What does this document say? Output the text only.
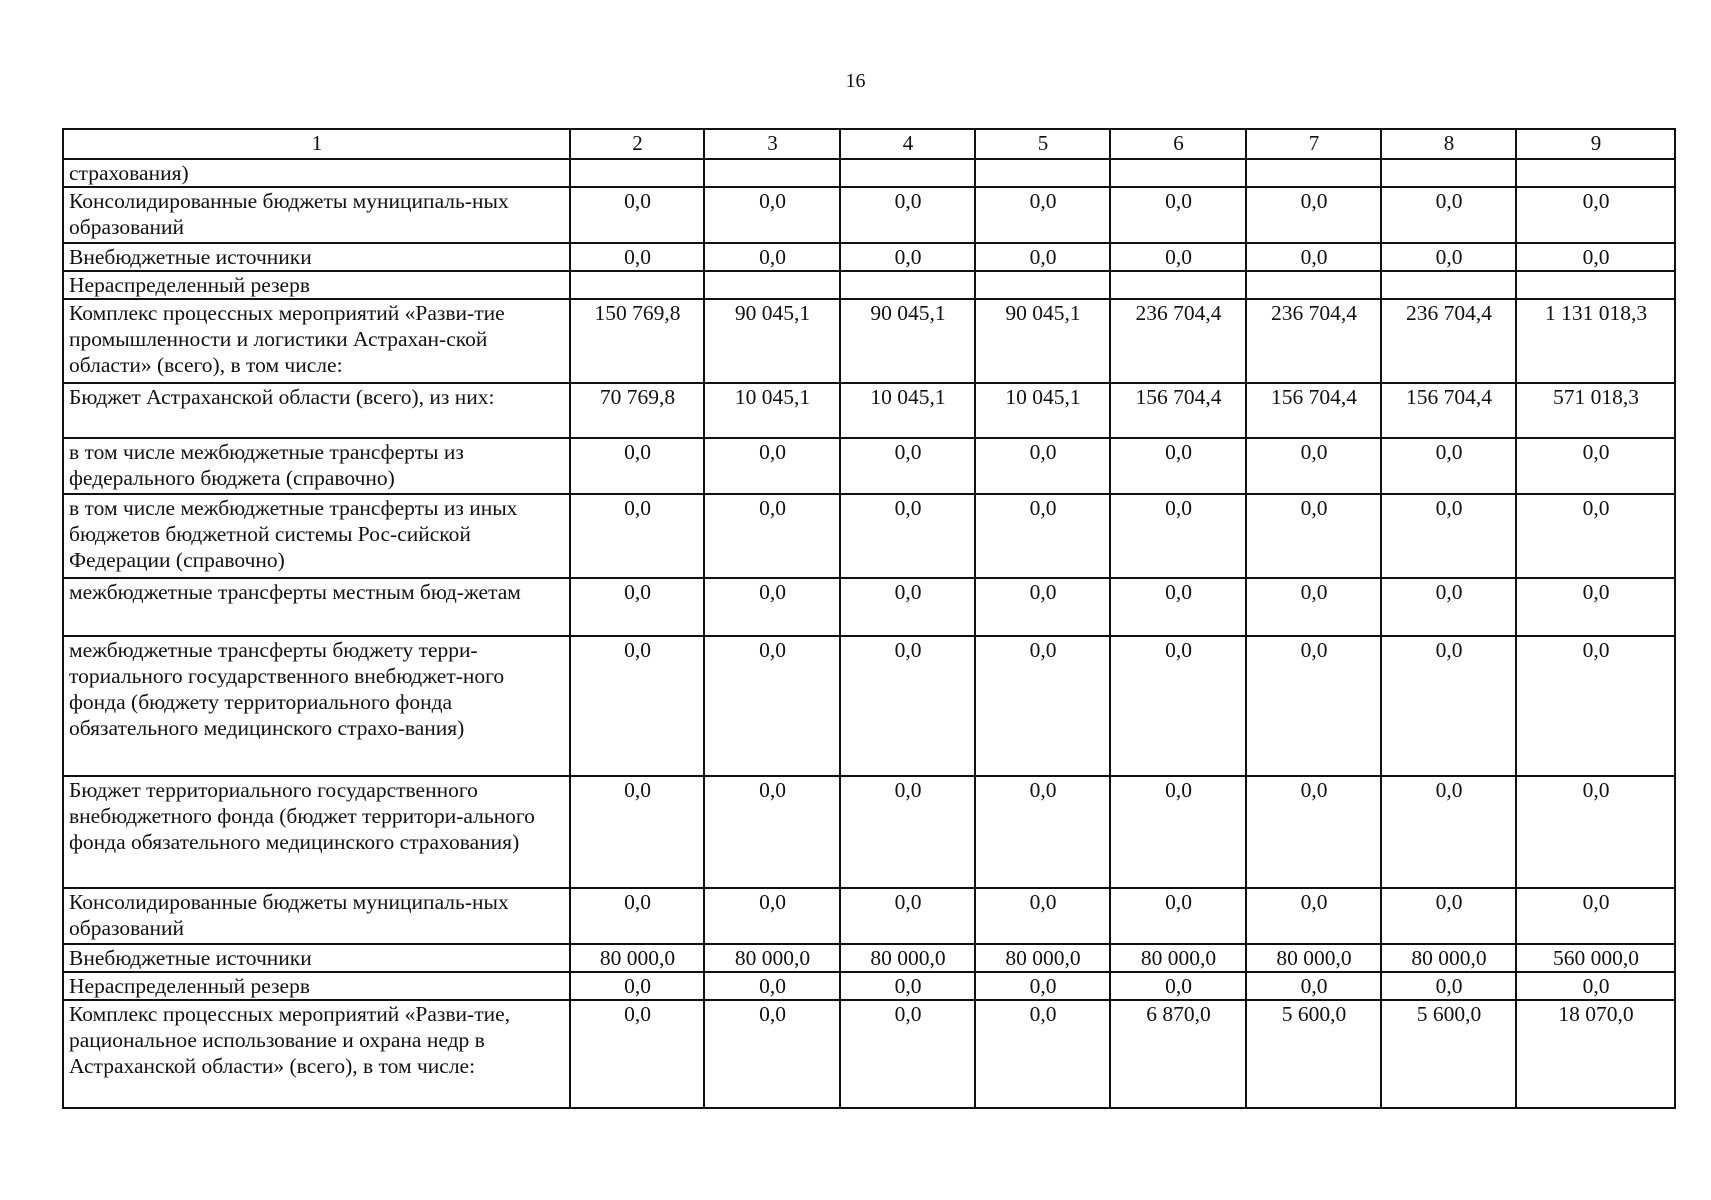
16
1	2	3	4	5	6	7	8	9
страхования)								
Консолидированные бюджеты муниципаль-ных образований	0,0	0,0	0,0	0,0	0,0	0,0	0,0	0,0
Внебюджетные источники	0,0	0,0	0,0	0,0	0,0	0,0	0,0	0,0
Нераспределенный резерв								
Комплекс процессных мероприятий «Разви-тие промышленности и логистики Астрахан-ской области» (всего), в том числе:	150 769,8	90 045,1	90 045,1	90 045,1	236 704,4	236 704,4	236 704,4	1 131 018,3
Бюджет Астраханской области (всего), из них:	70 769,8	10 045,1	10 045,1	10 045,1	156 704,4	156 704,4	156 704,4	571 018,3
в том числе межбюджетные трансферты из федерального бюджета (справочно)	0,0	0,0	0,0	0,0	0,0	0,0	0,0	0,0
в том числе межбюджетные трансферты из иных бюджетов бюджетной системы Рос-сийской Федерации (справочно)	0,0	0,0	0,0	0,0	0,0	0,0	0,0	0,0
межбюджетные трансферты местным бюд-жетам	0,0	0,0	0,0	0,0	0,0	0,0	0,0	0,0
межбюджетные трансферты бюджету терри-ториального государственного внебюджет-ного фонда (бюджету территориального фонда обязательного медицинского страхо-вания)	0,0	0,0	0,0	0,0	0,0	0,0	0,0	0,0
Бюджет территориального государственного внебюджетного фонда (бюджет территори-ального фонда обязательного медицинского страхования)	0,0	0,0	0,0	0,0	0,0	0,0	0,0	0,0
Консолидированные бюджеты муниципаль-ных образований	0,0	0,0	0,0	0,0	0,0	0,0	0,0	0,0
Внебюджетные источники	80 000,0	80 000,0	80 000,0	80 000,0	80 000,0	80 000,0	80 000,0	560 000,0
Нераспределенный резерв	0,0	0,0	0,0	0,0	0,0	0,0	0,0	0,0
Комплекс процессных мероприятий «Разви-тие, рациональное использование и охрана недр в Астраханской области» (всего), в том числе:	0,0	0,0	0,0	0,0	6 870,0	5 600,0	5 600,0	18 070,0
